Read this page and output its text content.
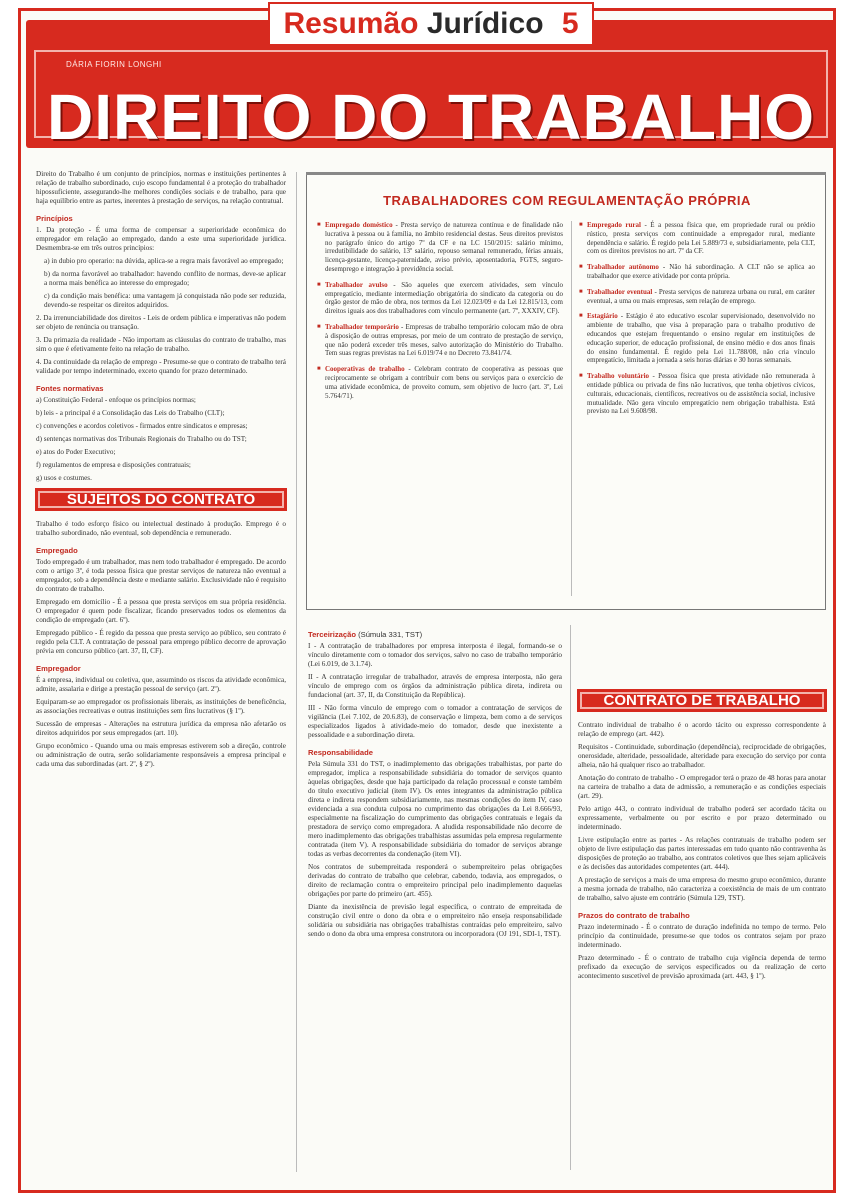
DÁRIA FIORIN LONGHI
DIREITO DO TRABALHO
Resumão Jurídico 5

Direito do Trabalho é um conjunto de princípios, normas e instituições pertinentes à relação de trabalho subordinado, cujo escopo fundamental é a proteção do trabalhador hipossuficiente, assegurando-lhe melhores condições sociais e de trabalho, para que haja equilíbrio entre as partes, inerentes à prestação de serviços, na relação contratual.

Princípios

1. Da proteção - É uma forma de compensar a superioridade econômica do empregador em relação ao empregado, dando a este uma superioridade jurídica. Desmembra-se em três outros princípios:

a) in dubio pro operario: na dúvida, aplica-se a regra mais favorável ao empregado;

b) da norma favorável ao trabalhador: havendo conflito de normas, deve-se aplicar a norma mais benéfica ao interesse do empregado;

c) da condição mais benéfica: uma vantagem já conquistada não pode ser reduzida, devendo-se respeitar os direitos adquiridos.

2. Da irrenunciabilidade dos direitos - Leis de ordem pública e imperativas não podem ser objeto de renúncia ou transação.

3. Da primazia da realidade - Não importam as cláusulas do contrato de trabalho, mas sim o que é efetivamente feito na relação de trabalho.

4. Da continuidade da relação de emprego - Presume-se que o contrato de trabalho terá validade por tempo indeterminado, exceto quando for prazo determinado.

Fontes normativas

a) Constituição Federal - enfoque os princípios normas;

b) leis - a principal é a Consolidação das Leis do Trabalho (CLT);

c) convenções e acordos coletivos - firmados entre sindicatos e empresas;

d) sentenças normativas dos Tribunais Regionais do Trabalho ou do TST;

e) atos do Poder Executivo;

f) regulamentos de empresa e disposições contratuais;

g) usos e costumes.

SUJEITOS DO CONTRATO

Trabalho é todo esforço físico ou intelectual destinado à produção. Emprego é o trabalho subordinado, não eventual, sob dependência e remunerado.

Empregado

Todo empregado é um trabalhador, mas nem todo trabalhador é empregado. De acordo com o artigo 3º, é toda pessoa física que prestar serviços de natureza não eventual a empregador, sob a dependência deste e mediante salário. Exclusividade não é requisito do contrato de trabalho.

Empregado em domicílio - É a pessoa que presta serviços em sua própria residência. O empregador é quem pode fiscalizar, ficando preservados todos os elementos da condição de empregado (art. 6º).

Empregado público - É regido da pessoa que presta serviço ao público, seu contrato é regido pela CLT. A contratação de pessoal para emprego público decorre de aprovação prévia em concurso público (art. 37, II, CF).

Empregador

É a empresa, individual ou coletiva, que, assumindo os riscos da atividade econômica, admite, assalaria e dirige a prestação pessoal de serviço (art. 2º).

Equiparam-se ao empregador os profissionais liberais, as instituições de beneficência, as associações recreativas e outras instituições sem fins lucrativos (§ 1º).

Sucessão de empresas - Alterações na estrutura jurídica da empresa não afetarão os direitos adquiridos por seus empregados (art. 10).

Grupo econômico - Quando uma ou mais empresas estiverem sob a direção, controle ou administração de outra, serão solidariamente responsáveis a empresa principal e cada uma das subordinadas (art. 2º, § 2º).

TRABALHADORES COM REGULAMENTAÇÃO PRÓPRIA
■ Empregado doméstico - Presta serviço de natureza contínua e de finalidade não lucrativa à pessoa ou à família, no âmbito residencial destas. Seus direitos previstos no parágrafo único do artigo 7º da CF e na LC 150/2015: salário mínimo, irredutibilidade do salário, 13º salário, repouso semanal remunerado, férias anuais, licença-gestante, licença-paternidade, aviso prévio, aposentadoria, FGTS, seguro-desemprego e integração à previdência social.
■ Trabalhador avulso - São aqueles que exercem atividades, sem vínculo empregatício, mediante intermediação obrigatória do sindicato da categoria ou do órgão gestor de mão de obra, nos termos da Lei 12.023/09 e da Lei 12.815/13, com direitos iguais aos dos trabalhadores com vínculo permanente (art. 7º, XXXIV, CF).
■ Trabalhador temporário - Empresas de trabalho temporário colocam mão de obra à disposição de outras empresas, por meio de um contrato de prestação de serviço, que não poderá exceder três meses, salvo autorização do Ministério do Trabalho. Tem suas regras previstas na Lei 6.019/74 e no Decreto 73.841/74.
■ Cooperativas de trabalho - Celebram contrato de cooperativa as pessoas que reciprocamente se obrigam a contribuir com bens ou serviços para o exercício de uma atividade econômica, de proveito comum, sem objetivo de lucro (art. 3º, Lei 5.764/71).
■ Empregado rural - É a pessoa física que, em propriedade rural ou prédio rústico, presta serviços com continuidade a empregador rural, mediante dependência e salário. É regido pela Lei 5.889/73 e, subsidiariamente, pela CLT, com os direitos previstos no art. 7º da CF.
■ Trabalhador autônomo - Não há subordinação. A CLT não se aplica ao trabalhador que exerce atividade por conta própria.
■ Trabalhador eventual - Presta serviços de natureza urbana ou rural, em caráter eventual, a uma ou mais empresas, sem relação de emprego.
■ Estagiário - Estágio é ato educativo escolar supervisionado, desenvolvido no ambiente de trabalho, que visa à preparação para o trabalho produtivo de educandos que estejam frequentando o ensino regular em instituições de educação superior, de educação profissional, de ensino médio e dos anos finais do ensino fundamental. É regido pela Lei 11.788/08, não cria vínculo empregatício, limitada a jornada a seis horas diárias e 30 horas semanais.
■ Trabalho voluntário - Pessoa física que presta atividade não remunerada à entidade pública ou privada de fins não lucrativos, que tenha objetivos cívicos, culturais, educacionais, científicos, recreativos ou de assistência social, inclusive mutualidade. Não gera vínculo empregatício nem obrigação trabalhista. Está previsto na Lei 9.608/98.
Terceirização (Súmula 331, TST)

I - A contratação de trabalhadores por empresa interposta é ilegal, formando-se o vínculo diretamente com o tomador dos serviços, salvo no caso de trabalho temporário (Lei 6.019, de 3.1.74).

II - A contratação irregular de trabalhador, através de empresa interposta, não gera vínculo de emprego com os órgãos da administração pública direta, indireta ou fundacional (art. 37, II, da Constituição da República).

III - Não forma vínculo de emprego com o tomador a contratação de serviços de vigilância (Lei 7.102, de 20.6.83), de conservação e limpeza, bem como a de serviços especializados ligados à atividade-meio do tomador, desde que inexistente a pessoalidade e a subordinação direta.

Responsabilidade

Pela Súmula 331 do TST, o inadimplemento das obrigações trabalhistas, por parte do empregador, implica a responsabilidade subsidiária do tomador de serviços quanto àquelas obrigações, desde que haja participado da relação processual e conste também do título executivo judicial (item IV). Os entes integrantes da administração pública direta e indireta respondem subsidiariamente, nas mesmas condições do item IV, caso evidenciada a sua conduta culposa no cumprimento das obrigações da Lei 8.666/93, especialmente na fiscalização do cumprimento das obrigações contratuais e legais da prestadora de serviço como empregadora. A aludida responsabilidade não decorre de mero inadimplemento das obrigações trabalhistas assumidas pela empresa regularmente contratada (item V). A responsabilidade subsidiária do tomador de serviços abrange todas as verbas decorrentes da condenação (item VI).

Nos contratos de subempreitada responderá o subempreiteiro pelas obrigações derivadas do contrato de trabalho que celebrar, cabendo, todavia, aos empregados, o direito de reclamação contra o empreiteiro principal pelo inadimplemento daquelas obrigações por parte do primeiro (art. 455).

Diante da inexistência de previsão legal específica, o contrato de empreitada de construção civil entre o dono da obra e o empreiteiro não enseja responsabilidade solidária ou subsidiária nas obrigações trabalhistas contraídas pelo empreiteiro, salvo sendo o dono da obra uma empresa construtora ou incorporadora (OJ 191, SDI-1, TST).

CONTRATO DE TRABALHO

Contrato individual de trabalho é o acordo tácito ou expresso correspondente à relação de emprego (art. 442).

Requisitos - Continuidade, subordinação (dependência), reciprocidade de obrigações, onerosidade, alteridade, pessoalidade, alteridade para execução do serviço por conta alheia, não há qualquer risco ao trabalhador.

Anotação do contrato de trabalho - O empregador terá o prazo de 48 horas para anotar na carteira de trabalho a data de admissão, a remuneração e as condições especiais (art. 29).

Pelo artigo 443, o contrato individual de trabalho poderá ser acordado tácita ou expressamente, verbalmente ou por escrito e por prazo determinado ou indeterminado.

Livre estipulação entre as partes - As relações contratuais de trabalho podem ser objeto de livre estipulação das partes interessadas em tudo quanto não contravenha às disposições de proteção ao trabalho, aos contratos coletivos que lhes sejam aplicáveis e às decisões das autoridades competentes (art. 444).

A prestação de serviços a mais de uma empresa do mesmo grupo econômico, durante a mesma jornada de trabalho, não caracteriza a coexistência de mais de um contrato de trabalho, salvo ajuste em contrário (Súmula 129, TST).

Prazos do contrato de trabalho

Prazo indeterminado - É o contrato de duração indefinida no tempo de termo. Pelo princípio da continuidade, presume-se que todos os contratos sejam por prazo indeterminado.

Prazo determinado - É o contrato de trabalho cuja vigência dependa de termo prefixado da execução de serviços especificados ou da realização de certo acontecimento suscetível de previsão aproximada (art. 443, § 1º).
